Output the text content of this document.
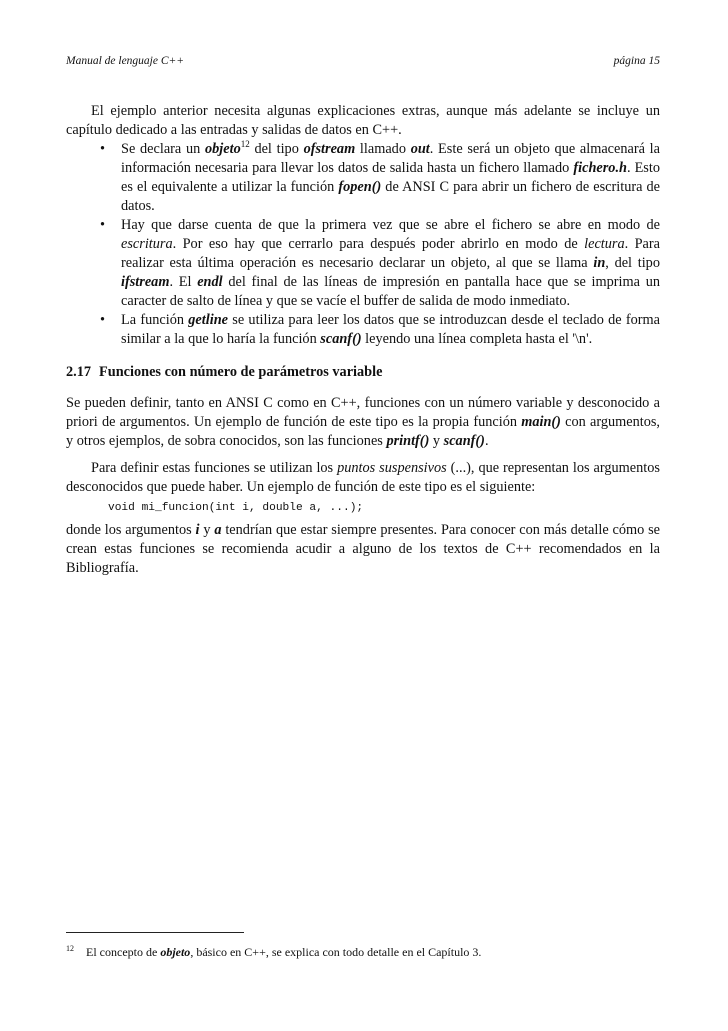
Manual de lenguaje C++	página 15

El ejemplo anterior necesita algunas explicaciones extras, aunque más adelante se incluye un capítulo dedicado a las entradas y salidas de datos en C++.

• Se declara un objeto$^{12}$ del tipo ofstream llamado out. Este será un objeto que almacenará la información necesaria para llevar los datos de salida hasta un fichero llamado fichero.h. Esto es el equivalente a utilizar la función fopen() de ANSI C para abrir un fichero de escritura de datos.
• Hay que darse cuenta de que la primera vez que se abre el fichero se abre en modo de escritura. Por eso hay que cerrarlo para después poder abrirlo en modo de lectura. Para realizar esta última operación es necesario declarar un objeto, al que se llama in, del tipo ifstream. El endl del final de las líneas de impresión en pantalla hace que se imprima un caracter de salto de línea y que se vacíe el buffer de salida de modo inmediato.
• La función getline se utiliza para leer los datos que se introduzcan desde el teclado de forma similar a la que lo haría la función scanf() leyendo una línea completa hasta el '\n'.
2.17 Funciones con número de parámetros variable

Se pueden definir, tanto en ANSI C como en C++, funciones con un número variable y desconocido a priori de argumentos. Un ejemplo de función de este tipo es la propia función main() con argumentos, y otros ejemplos, de sobra conocidos, son las funciones printf() y scanf().

Para definir estas funciones se utilizan los puntos suspensivos (...), que representan los argumentos desconocidos que puede haber. Un ejemplo de función de este tipo es el siguiente:

void mi_funcion(int i, double a, ...);

donde los argumentos i y a tendrían que estar siempre presentes. Para conocer con más detalle cómo se crean estas funciones se recomienda acudir a alguno de los textos de C++ recomendados en la Bibliografía.

$^{12}$ El concepto de objeto, básico en C++, se explica con todo detalle en el Capítulo 3.
